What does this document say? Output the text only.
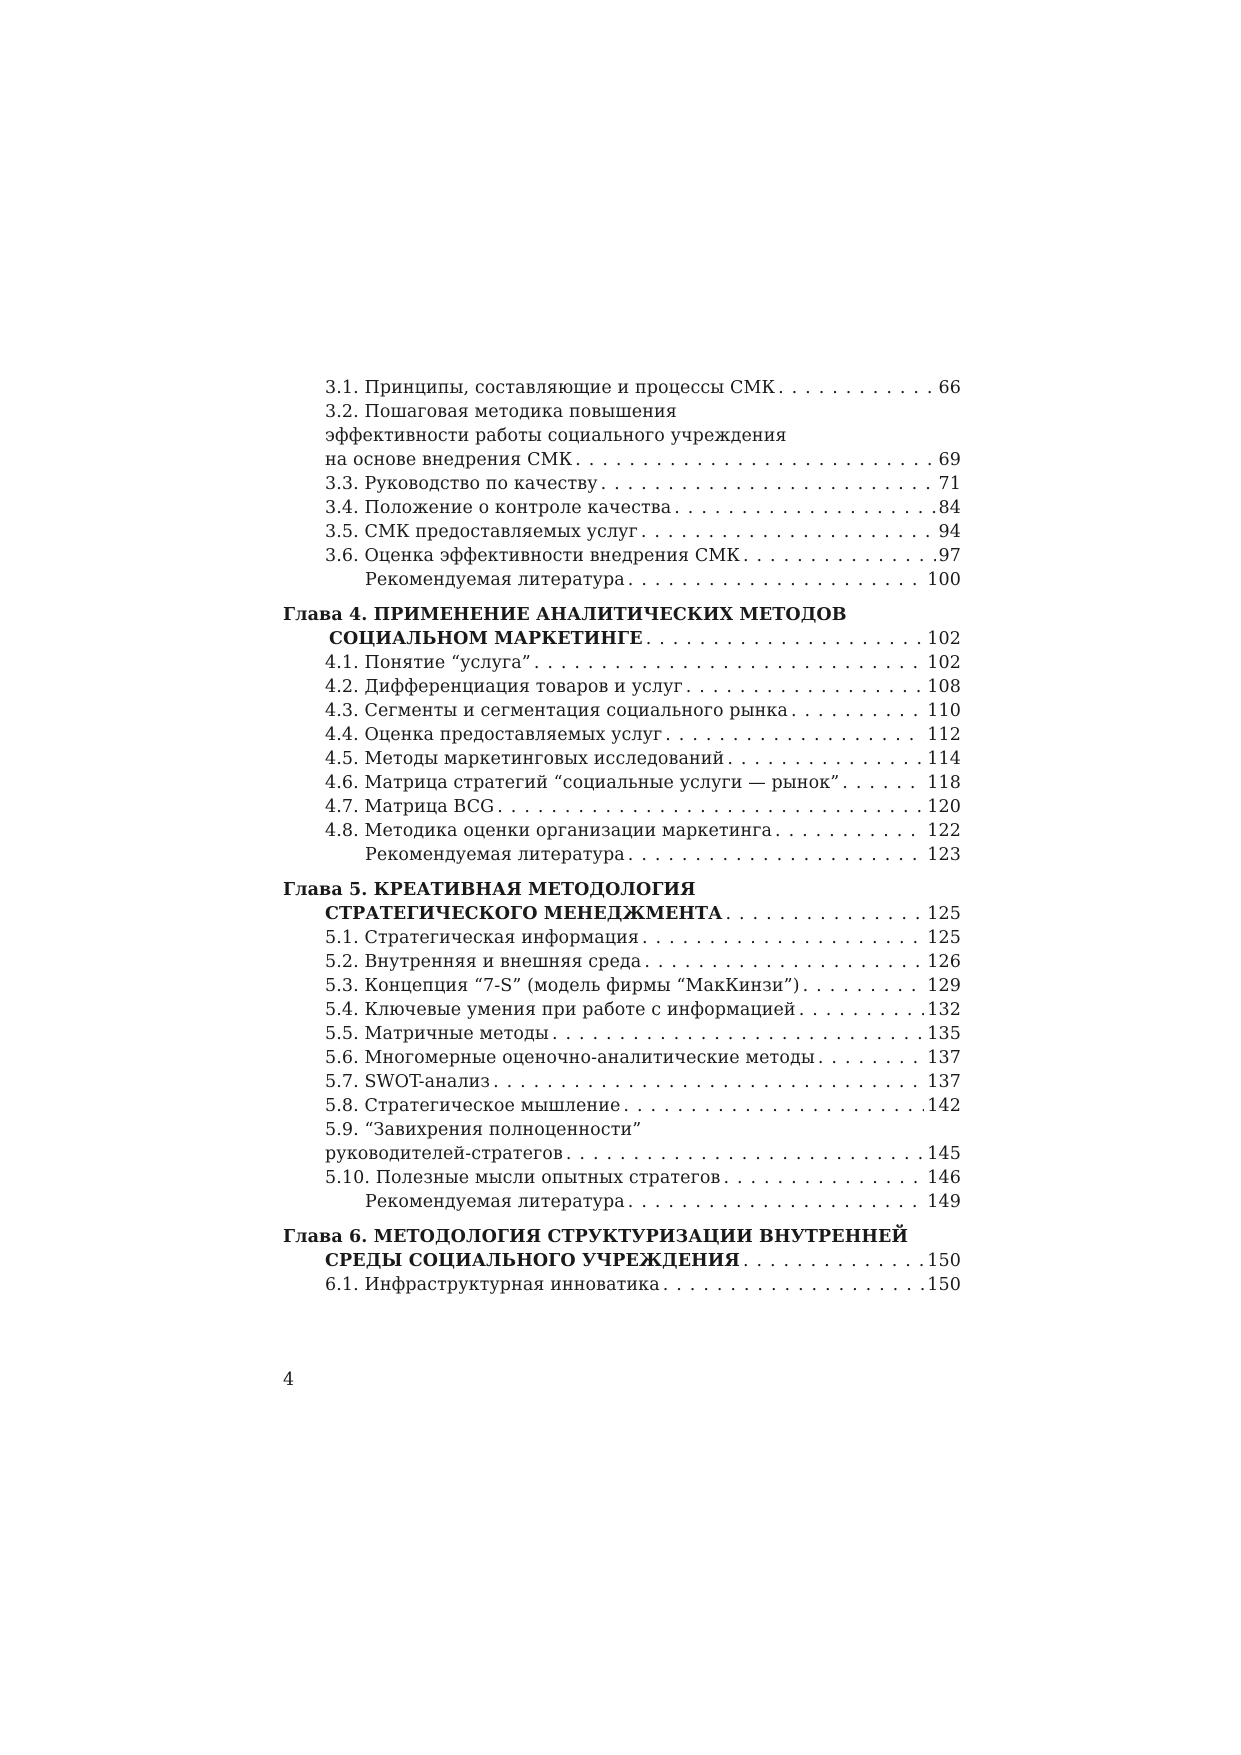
3.1. Принципы, составляющие и процессы СМК . . .	66
3.2. Пошаговая методика повышения
эффективности работы социального учреждения
на основе внедрения СМК . . .	69
3.3. Руководство по качеству . . .	71
3.4. Положение о контроле качества . . .	84
3.5. СМК предоставляемых услуг . . .	94
3.6. Оценка эффективности внедрения СМК . . .	97
Рекомендуемая литература . . .	100
Глава 4. ПРИМЕНЕНИЕ АНАЛИТИЧЕСКИХ МЕТОДОВ
СОЦИАЛЬНОМ МАРКЕТИНГЕ . . .	102
4.1. Понятие “услуга” . . .	102
4.2. Дифференциация товаров и услуг . . .	108
4.3. Сегменты и сегментация социального рынка . . .	110
4.4. Оценка предоставляемых услуг . . .	112
4.5. Методы маркетинговых исследований . . .	114
4.6. Матрица стратегий “социальные услуги — рынок” . . .	118
4.7. Матрица BCG . . .	120
4.8. Методика оценки организации маркетинга . . .	122
Рекомендуемая литература . . .	123
Глава 5. КРЕАТИВНАЯ МЕТОДОЛОГИЯ
СТРАТЕГИЧЕСКОГО МЕНЕДЖМЕНТА . . .	125
5.1. Стратегическая информация . . .	125
5.2. Внутренняя и внешняя среда . . .	126
5.3. Концепция “7-S” (модель фирмы “МакКинзи”) . . .	129
5.4. Ключевые умения при работе с информацией . . .	132
5.5. Матричные методы . . .	135
5.6. Многомерные оценочно-аналитические методы . . .	137
5.7. SWOT-анализ . . .	137
5.8. Стратегическое мышление . . .	142
5.9. “Завихрения полноценности”
руководителей-стратегов . . .	145
5.10. Полезные мысли опытных стратегов . . .	146
Рекомендуемая литература . . .	149
Глава 6. МЕТОДОЛОГИЯ СТРУКТУРИЗАЦИИ ВНУТРЕННЕЙ
СРЕДЫ СОЦИАЛЬНОГО УЧРЕЖДЕНИЯ . . .	150
6.1. Инфраструктурная инноватика . . .	150
4
